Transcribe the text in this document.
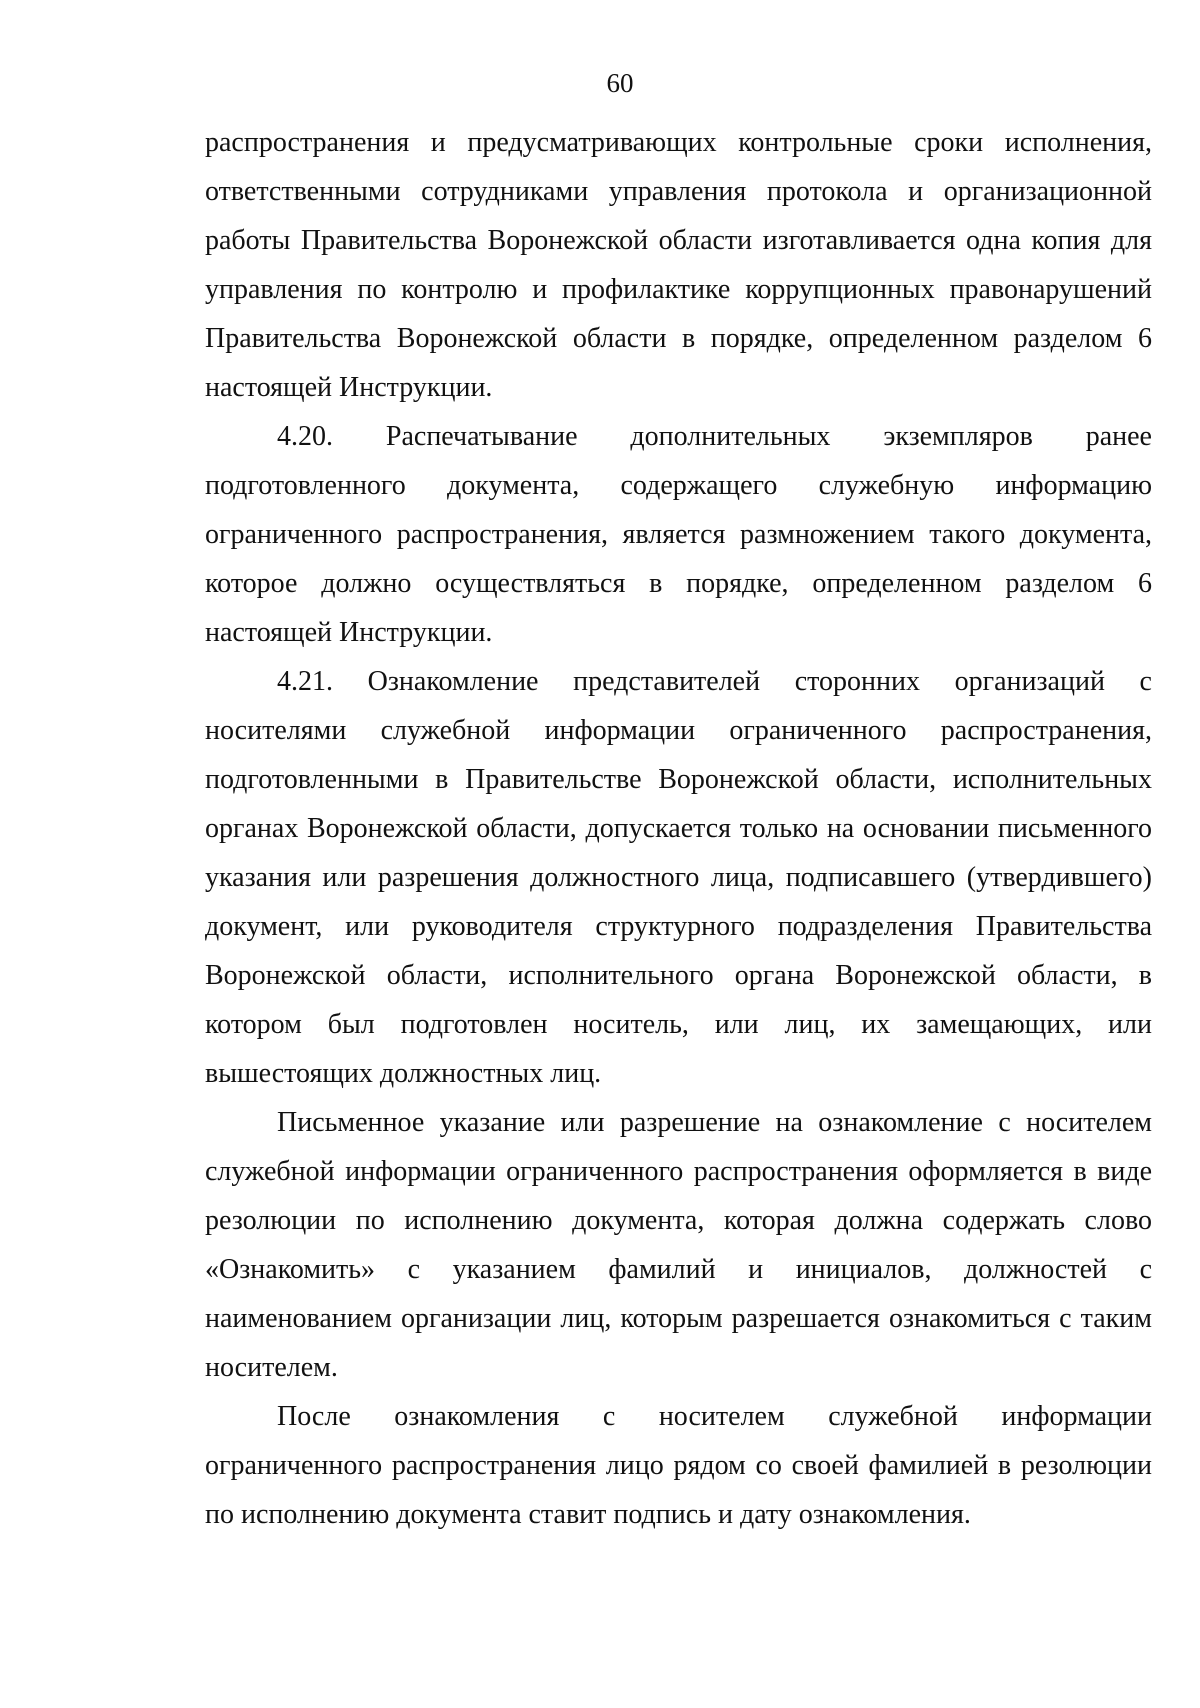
60

распространения и предусматривающих контрольные сроки исполнения, ответственными сотрудниками управления протокола и организационной работы Правительства Воронежской области изготавливается одна копия для управления по контролю и профилактике коррупционных правонарушений Правительства Воронежской области в порядке, определенном разделом 6 настоящей Инструкции.

4.20. Распечатывание дополнительных экземпляров ранее подготовленного документа, содержащего служебную информацию ограниченного распространения, является размножением такого документа, которое должно осуществляться в порядке, определенном разделом 6 настоящей Инструкции.

4.21. Ознакомление представителей сторонних организаций с носителями служебной информации ограниченного распространения, подготовленными в Правительстве Воронежской области, исполнительных органах Воронежской области, допускается только на основании письменного указания или разрешения должностного лица, подписавшего (утвердившего) документ, или руководителя структурного подразделения Правительства Воронежской области, исполнительного органа Воронежской области, в котором был подготовлен носитель, или лиц, их замещающих, или вышестоящих должностных лиц.

Письменное указание или разрешение на ознакомление с носителем служебной информации ограниченного распространения оформляется в виде резолюции по исполнению документа, которая должна содержать слово «Ознакомить» с указанием фамилий и инициалов, должностей с наименованием организации лиц, которым разрешается ознакомиться с таким носителем.

После ознакомления с носителем служебной информации ограниченного распространения лицо рядом со своей фамилией в резолюции по исполнению документа ставит подпись и дату ознакомления.
